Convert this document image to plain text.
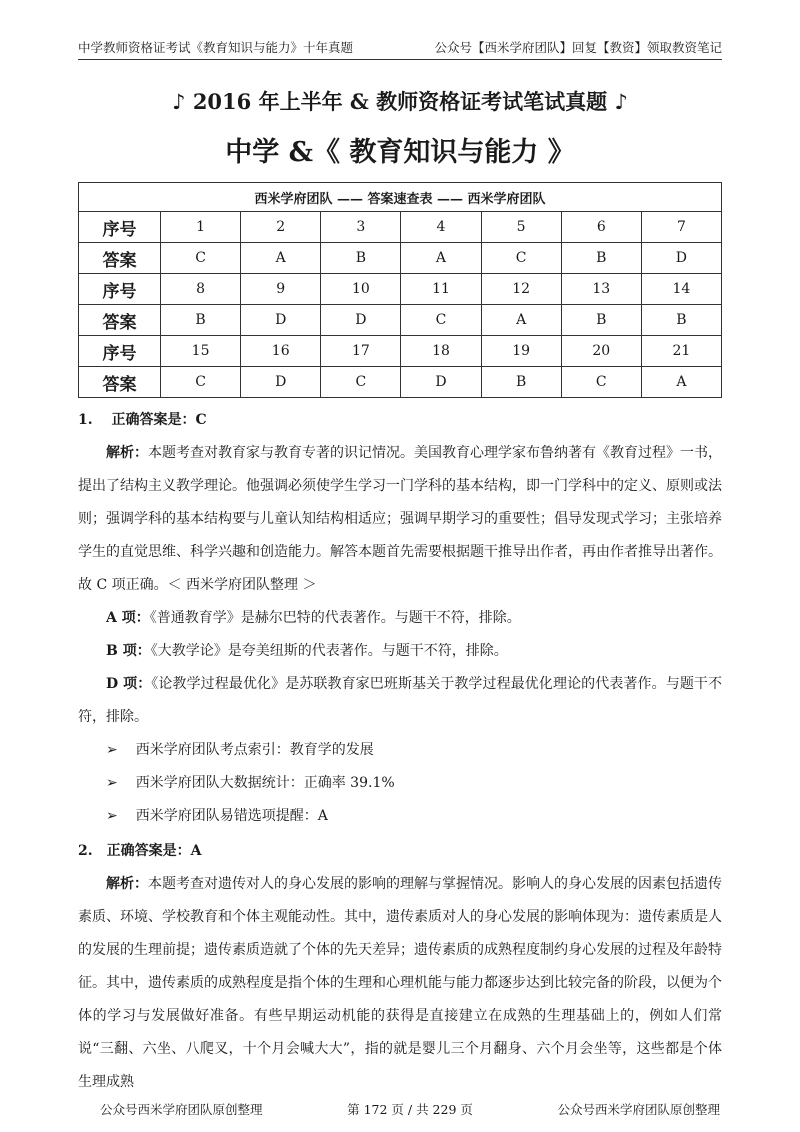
中学教师资格证考试《教育知识与能力》十年真题	公众号【西米学府团队】回复【教资】领取教资笔记
♪ 2016 年上半年 & 教师资格证考试笔试真题 ♪
中学 &《 教育知识与能力 》
西米学府团队 —— 答案速查表 —— 西米学府团队							
序号	1	2	3	4	5	6	7
答案	C	A	B	A	C	B	D
序号	8	9	10	11	12	13	14
答案	B	D	D	C	A	B	B
序号	15	16	17	18	19	20	21
答案	C	D	C	D	B	C	A
1.　 正确答案是：C

解析：本题考查对教育家与教育专著的识记情况。美国教育心理学家布鲁纳著有《教育过程》一书，提出了结构主义教学理论。他强调必须使学生学习一门学科的基本结构，即一门学科中的定义、原则或法则；强调学科的基本结构要与儿童认知结构相适应；强调早期学习的重要性；倡导发现式学习；主张培养学生的直觉思维、科学兴趣和创造能力。解答本题首先需要根据题干推导出作者，再由作者推导出著作。故 C 项正确。＜ 西米学府团队整理 ＞

A 项：《普通教育学》是赫尔巴特的代表著作。与题干不符，排除。

B 项：《大教学论》是夸美纽斯的代表著作。与题干不符，排除。

D 项：《论教学过程最优化》是苏联教育家巴班斯基关于教学过程最优化理论的代表著作。与题干不符，排除。

➢ 西米学府团队考点索引：教育学的发展
➢ 西米学府团队大数据统计：正确率 39.1%
➢ 西米学府团队易错选项提醒：A
2.　正确答案是：A

解析：本题考查对遗传对人的身心发展的影响的理解与掌握情况。影响人的身心发展的因素包括遗传素质、环境、学校教育和个体主观能动性。其中，遗传素质对人的身心发展的影响体现为：遗传素质是人的发展的生理前提；遗传素质造就了个体的先天差异；遗传素质的成熟程度制约身心发展的过程及年龄特征。其中，遗传素质的成熟程度是指个体的生理和心理机能与能力都逐步达到比较完备的阶段，以便为个体的学习与发展做好准备。有些早期运动机能的获得是直接建立在成熟的生理基础上的，例如人们常说“三翻、六坐、八爬叉，十个月会喊大大”，指的就是婴儿三个月翻身、六个月会坐等，这些都是个体生理成熟

公众号西米学府团队原创整理	第 172 页 / 共 229 页	公众号西米学府团队原创整理
